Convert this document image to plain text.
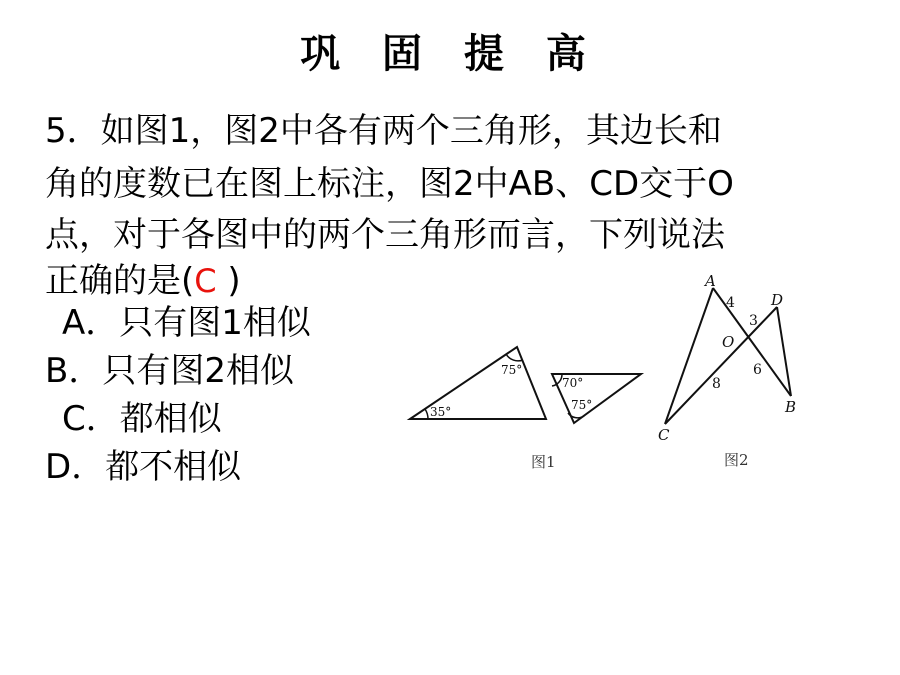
巩 固 提 高
5．如图1，图2中各有两个三角形，其边长和
角的度数已在图上标注，图2中AB、CD交于O
点，对于各图中的两个三角形而言，下列说法
正确的是(C )
A．只有图1相似
B．只有图2相似
C．都相似
D．都不相似
75°
35°
70°
75°
图1
A
D
O
C
B
4
3
8
6
图2
